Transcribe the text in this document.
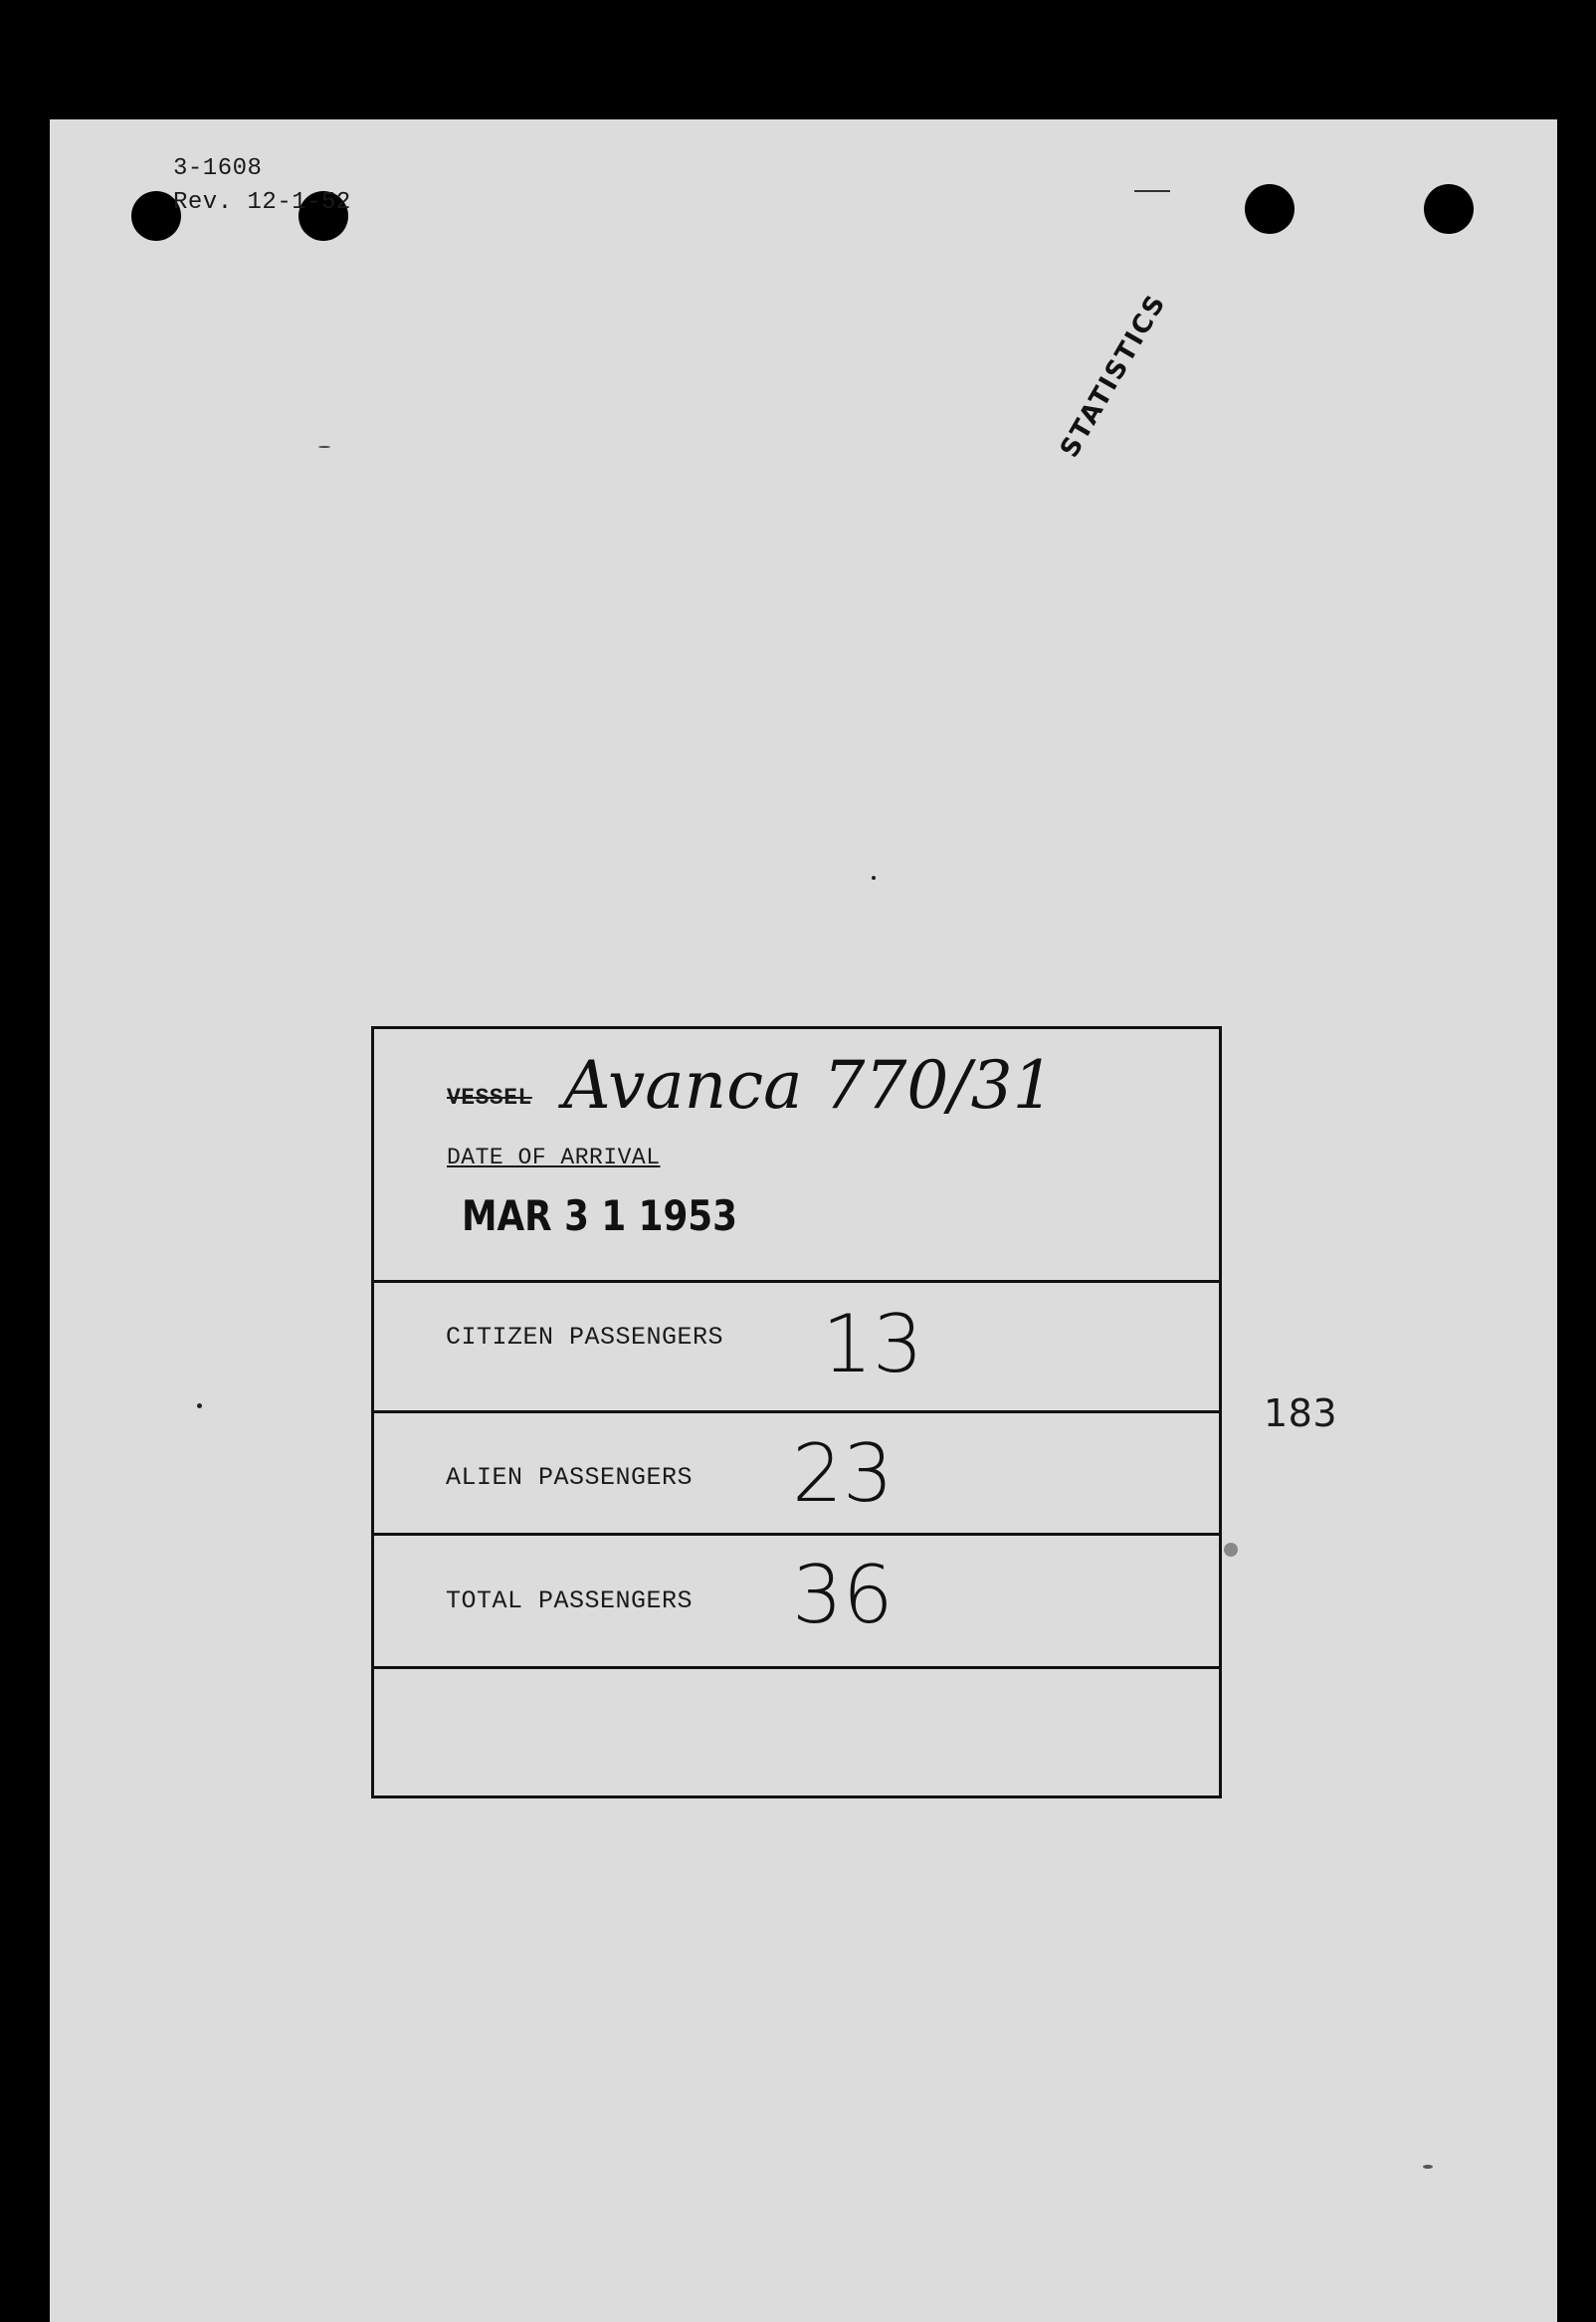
3-1608
Rev. 12-1-52
STATISTICS
VESSEL Avanca 770/31
DATE OF ARRIVAL
MAR 3 1 1953
CITIZEN PASSENGERS 13
ALIEN PASSENGERS 23
TOTAL PASSENGERS 36
183
